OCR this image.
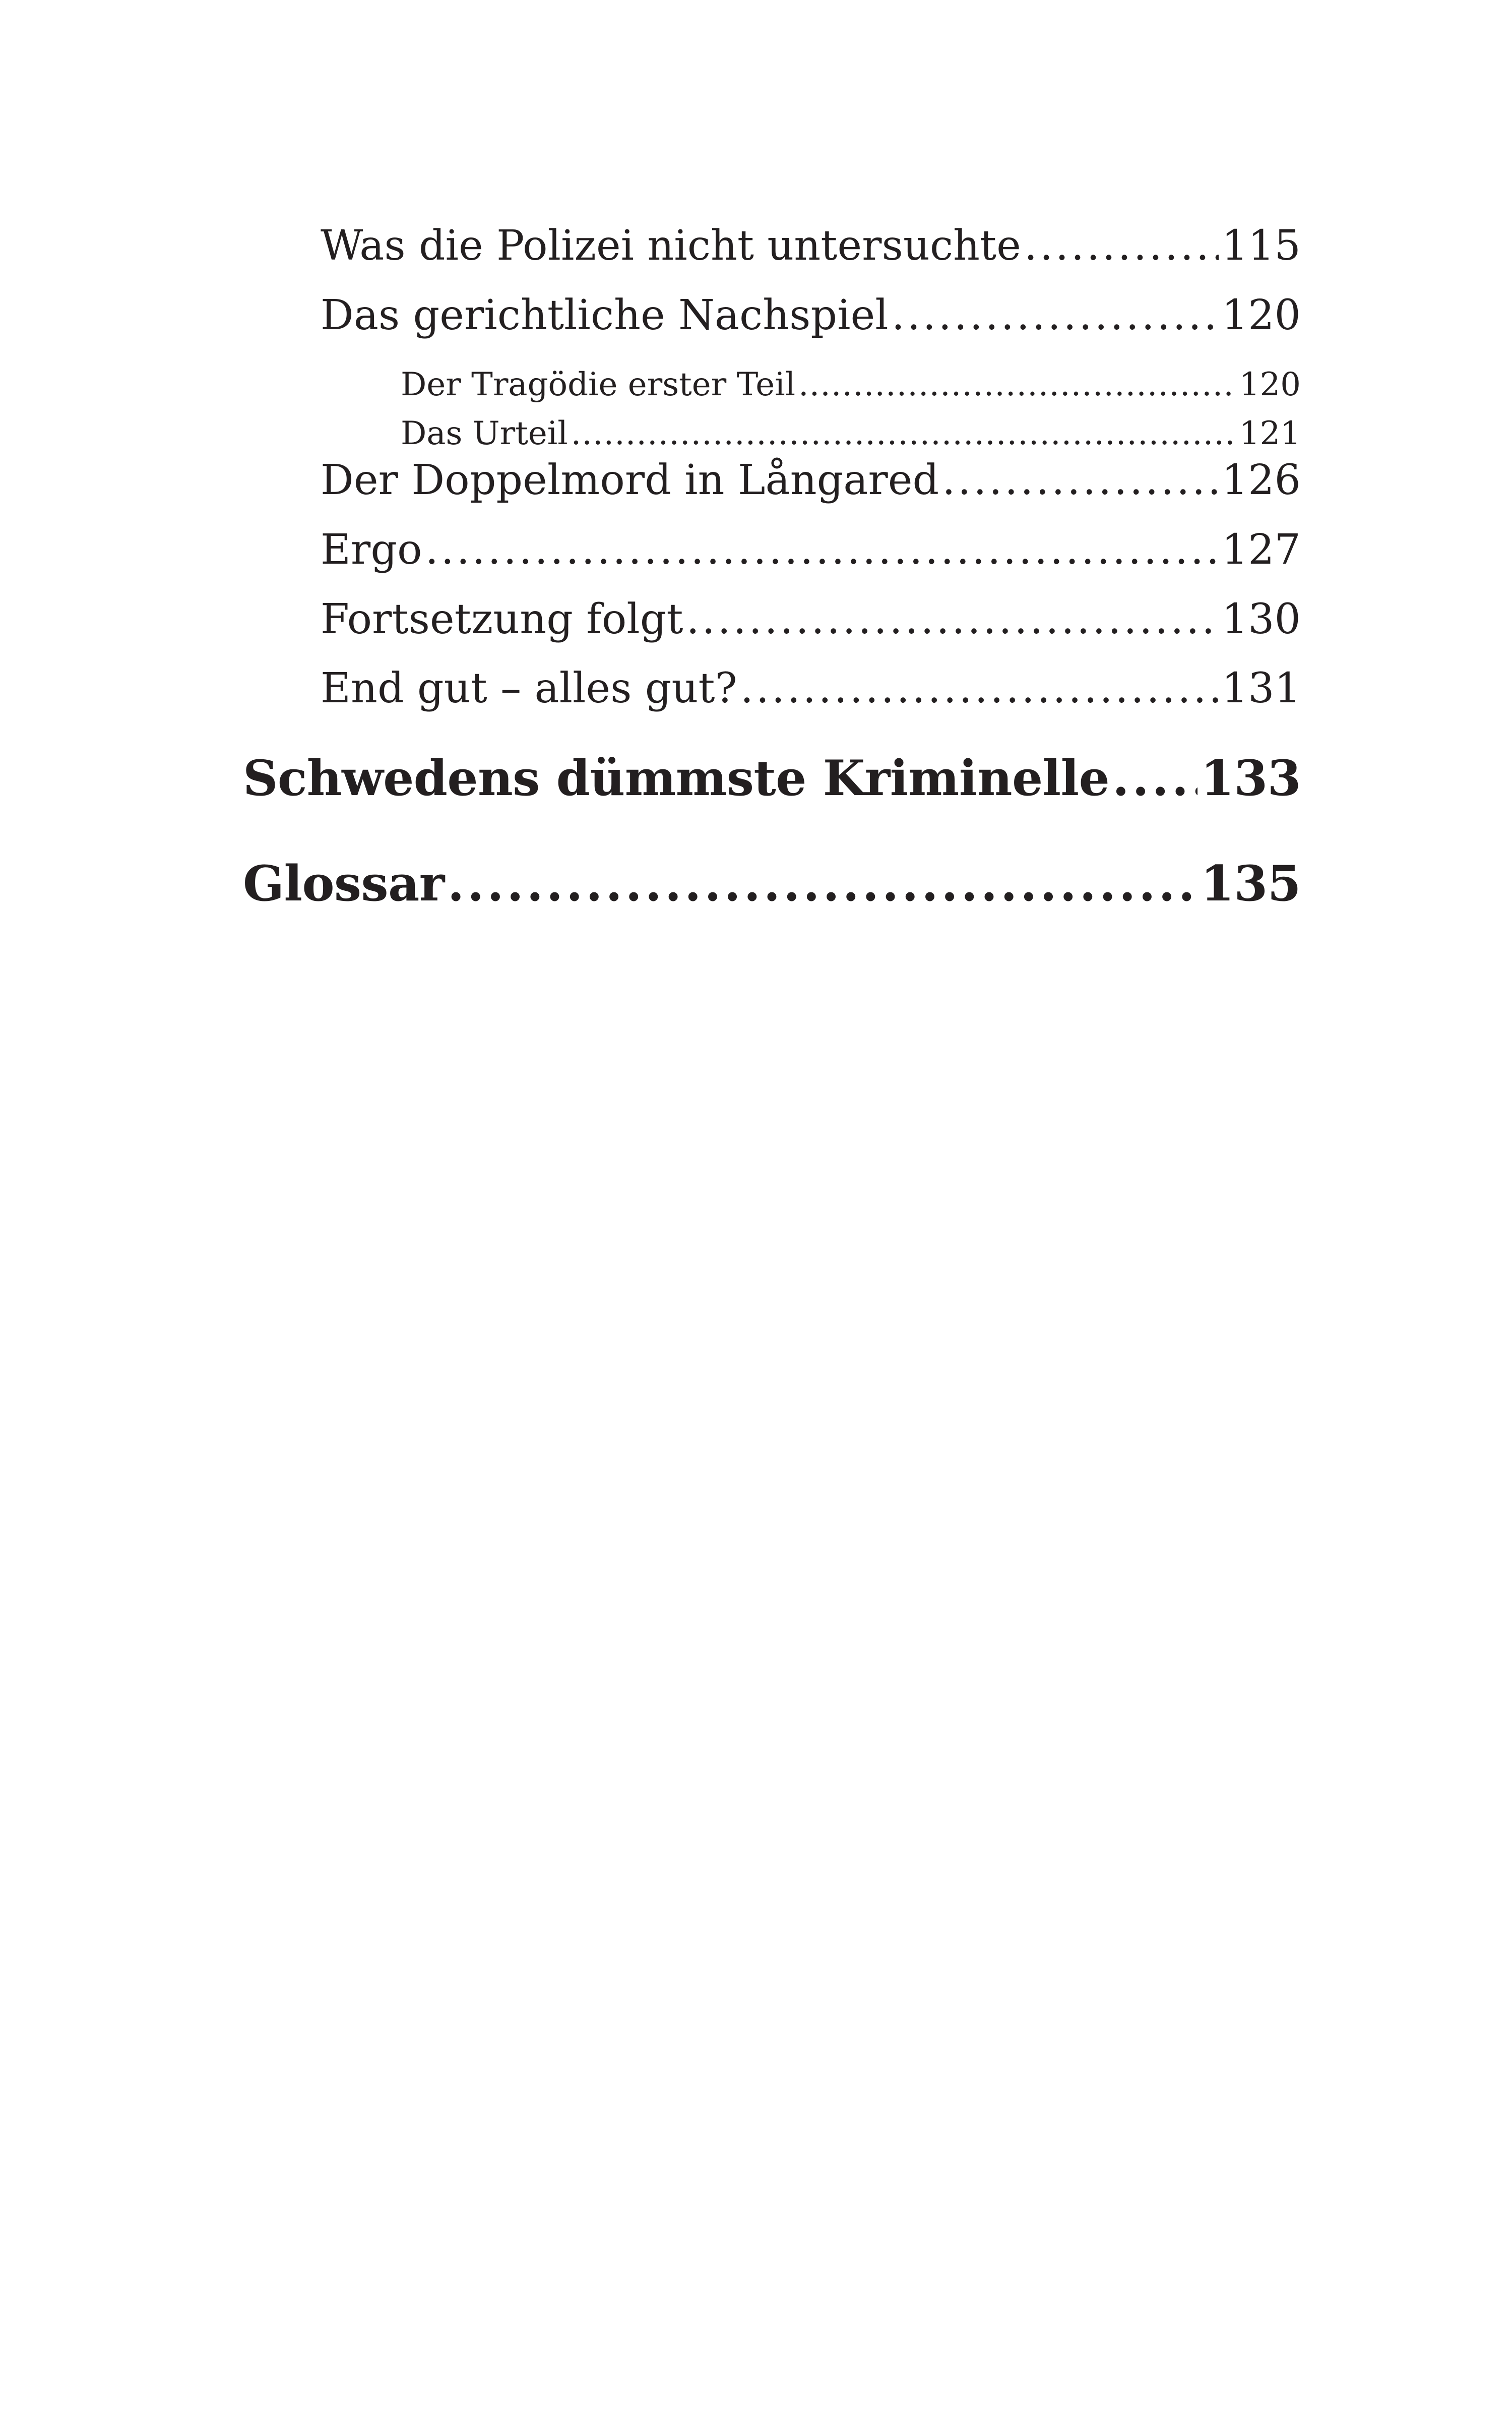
Was die Polizei nicht untersuchte .....	115
Das gerichtliche Nachspiel .....	120
Der Tragödie erster Teil .....	120
Das Urteil .....	121
Der Doppelmord in Långared .....	126
Ergo .....	127
Fortsetzung folgt .....	130
End gut – alles gut? .....	131
Schwedens dümmste Kriminelle ..... 133
Glossar .....	135
